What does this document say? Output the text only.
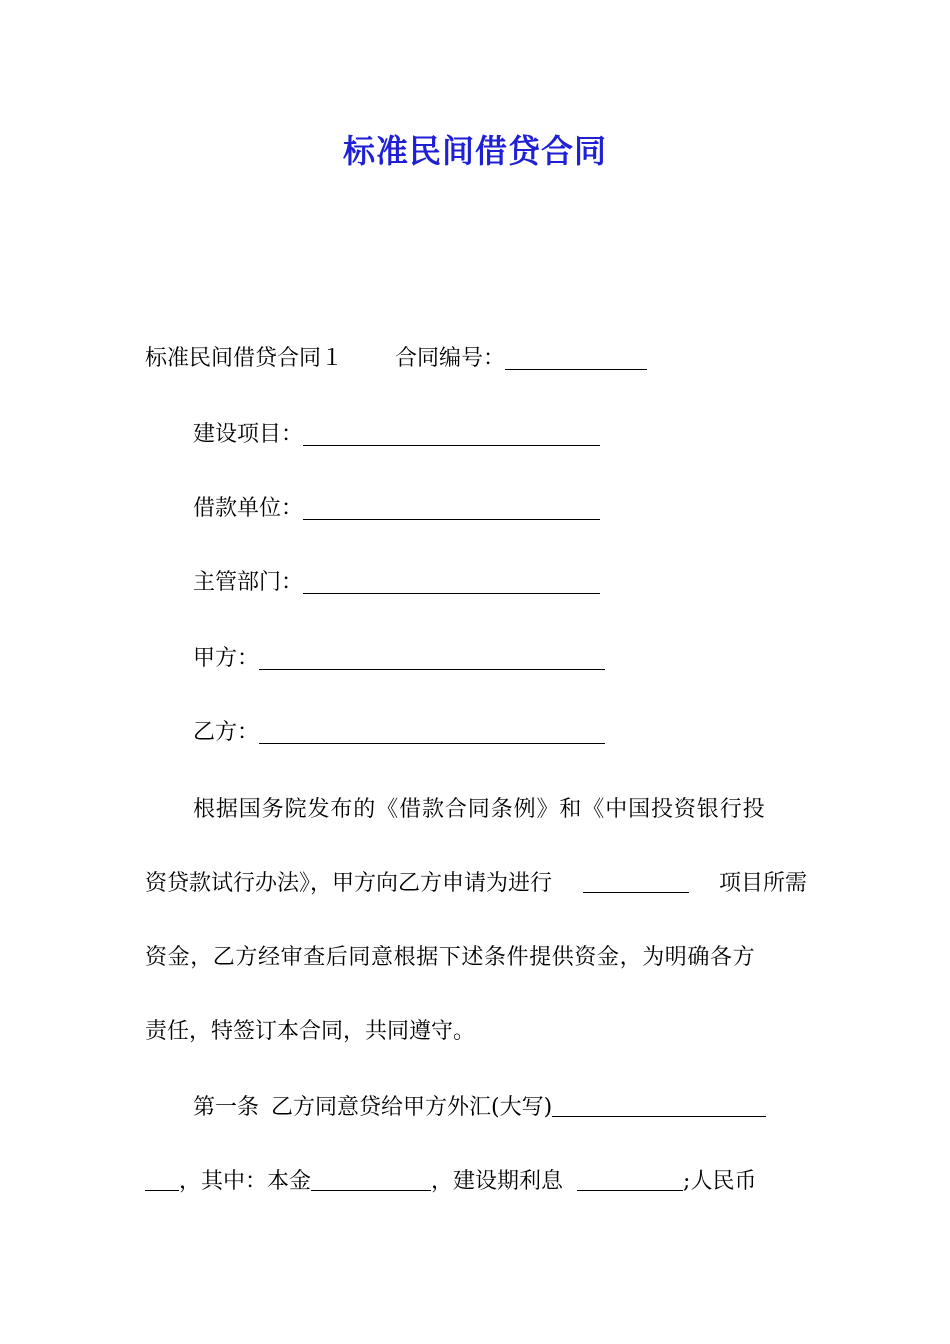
标准民间借贷合同
标准民间借贷合同１ 合同编号：
建设项目：
借款单位：
主管部门：
甲方：
乙方：
根据国务院发布的《借款合同条例》和《中国投资银行投
资贷款试行办法》，甲方向乙方申请为进行	项目所需
资金，乙方经审查后同意根据下述条件提供资金，为明确各方
责任，特签订本合同，共同遵守。
第一条 乙方同意贷给甲方外汇(大写)
，其中：本金	，建设期利息	;人民币
